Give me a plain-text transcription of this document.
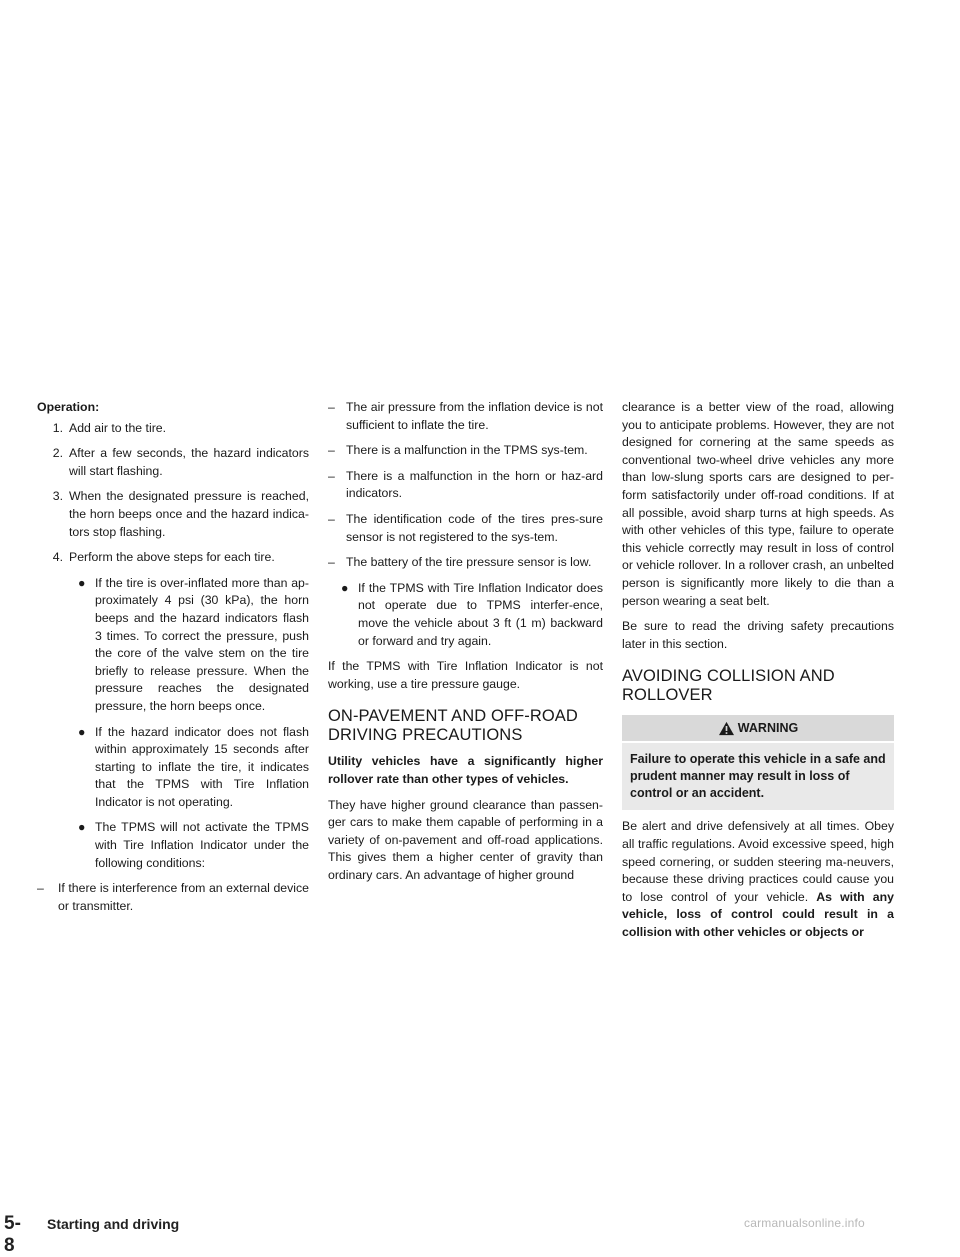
Operation:
1. Add air to the tire.
2. After a few seconds, the hazard indicators will start flashing.
3. When the designated pressure is reached, the horn beeps once and the hazard indica-tors stop flashing.
4. Perform the above steps for each tire.
● If the tire is over-inflated more than ap-proximately 4 psi (30 kPa), the horn beeps and the hazard indicators flash 3 times. To correct the pressure, push the core of the valve stem on the tire briefly to release pressure. When the pressure reaches the designated pressure, the horn beeps once.
● If the hazard indicator does not flash within approximately 15 seconds after starting to inflate the tire, it indicates that the TPMS with Tire Inflation Indicator is not operating.
● The TPMS will not activate the TPMS with Tire Inflation Indicator under the following conditions:
– If there is interference from an external device or transmitter.
– The air pressure from the inflation device is not sufficient to inflate the tire.
– There is a malfunction in the TPMS sys-tem.
– There is a malfunction in the horn or haz-ard indicators.
– The identification code of the tires pres-sure sensor is not registered to the sys-tem.
– The battery of the tire pressure sensor is low.
● If the TPMS with Tire Inflation Indicator does not operate due to TPMS interfer-ence, move the vehicle about 3 ft (1 m) backward or forward and try again.

If the TPMS with Tire Inflation Indicator is not working, use a tire pressure gauge.

ON-PAVEMENT AND OFF-ROAD DRIVING PRECAUTIONS

Utility vehicles have a significantly higher rollover rate than other types of vehicles.

They have higher ground clearance than passen-ger cars to make them capable of performing in a variety of on-pavement and off-road applications. This gives them a higher center of gravity than ordinary cars. An advantage of higher ground

clearance is a better view of the road, allowing you to anticipate problems. However, they are not designed for cornering at the same speeds as conventional two-wheel drive vehicles any more than low-slung sports cars are designed to per-form satisfactorily under off-road conditions. If at all possible, avoid sharp turns at high speeds. As with other vehicles of this type, failure to operate this vehicle correctly may result in loss of control or vehicle rollover. In a rollover crash, an unbelted person is significantly more likely to die than a person wearing a seat belt.

Be sure to read the driving safety precautions later in this section.

AVOIDING COLLISION AND ROLLOVER
WARNING
Failure to operate this vehicle in a safe and prudent manner may result in loss of control or an accident.

Be alert and drive defensively at all times. Obey all traffic regulations. Avoid excessive speed, high speed cornering, or sudden steering ma-neuvers, because these driving practices could cause you to lose control of your vehicle. As with any vehicle, loss of control could result in a collision with other vehicles or objects or

5-8
Starting and driving	carmanualsonline.info
